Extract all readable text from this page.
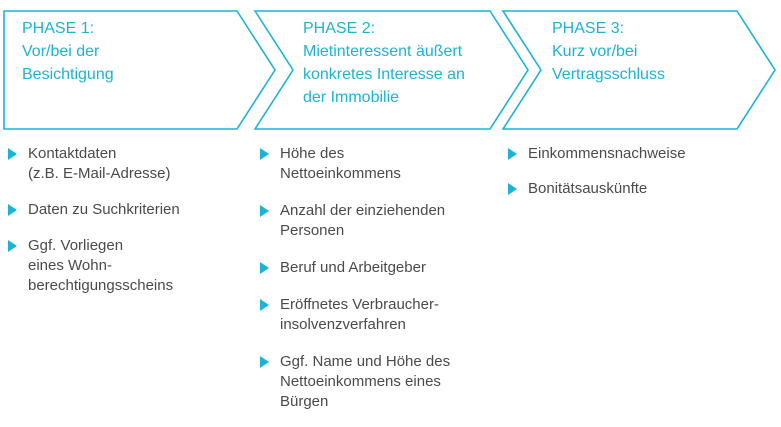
PHASE 1:
Vor/bei der
Besichtigung
PHASE 2:
Mietinteressent äußert
konkretes Interesse an
der Immobilie
PHASE 3:
Kurz vor/bei
Vertragsschluss
Kontaktdaten
(z.B. E-Mail-Adresse)
Daten zu Suchkriterien
Ggf. Vorliegen
eines Wohn-
berechtigungsscheins
Höhe des
Nettoeinkommens
Anzahl der einziehenden
Personen
Beruf und Arbeitgeber
Eröffnetes Verbraucher-
insolvenzverfahren
Ggf. Name und Höhe des
Nettoeinkommens eines
Bürgen
Einkommensnachweise
Bonitätsauskünfte
